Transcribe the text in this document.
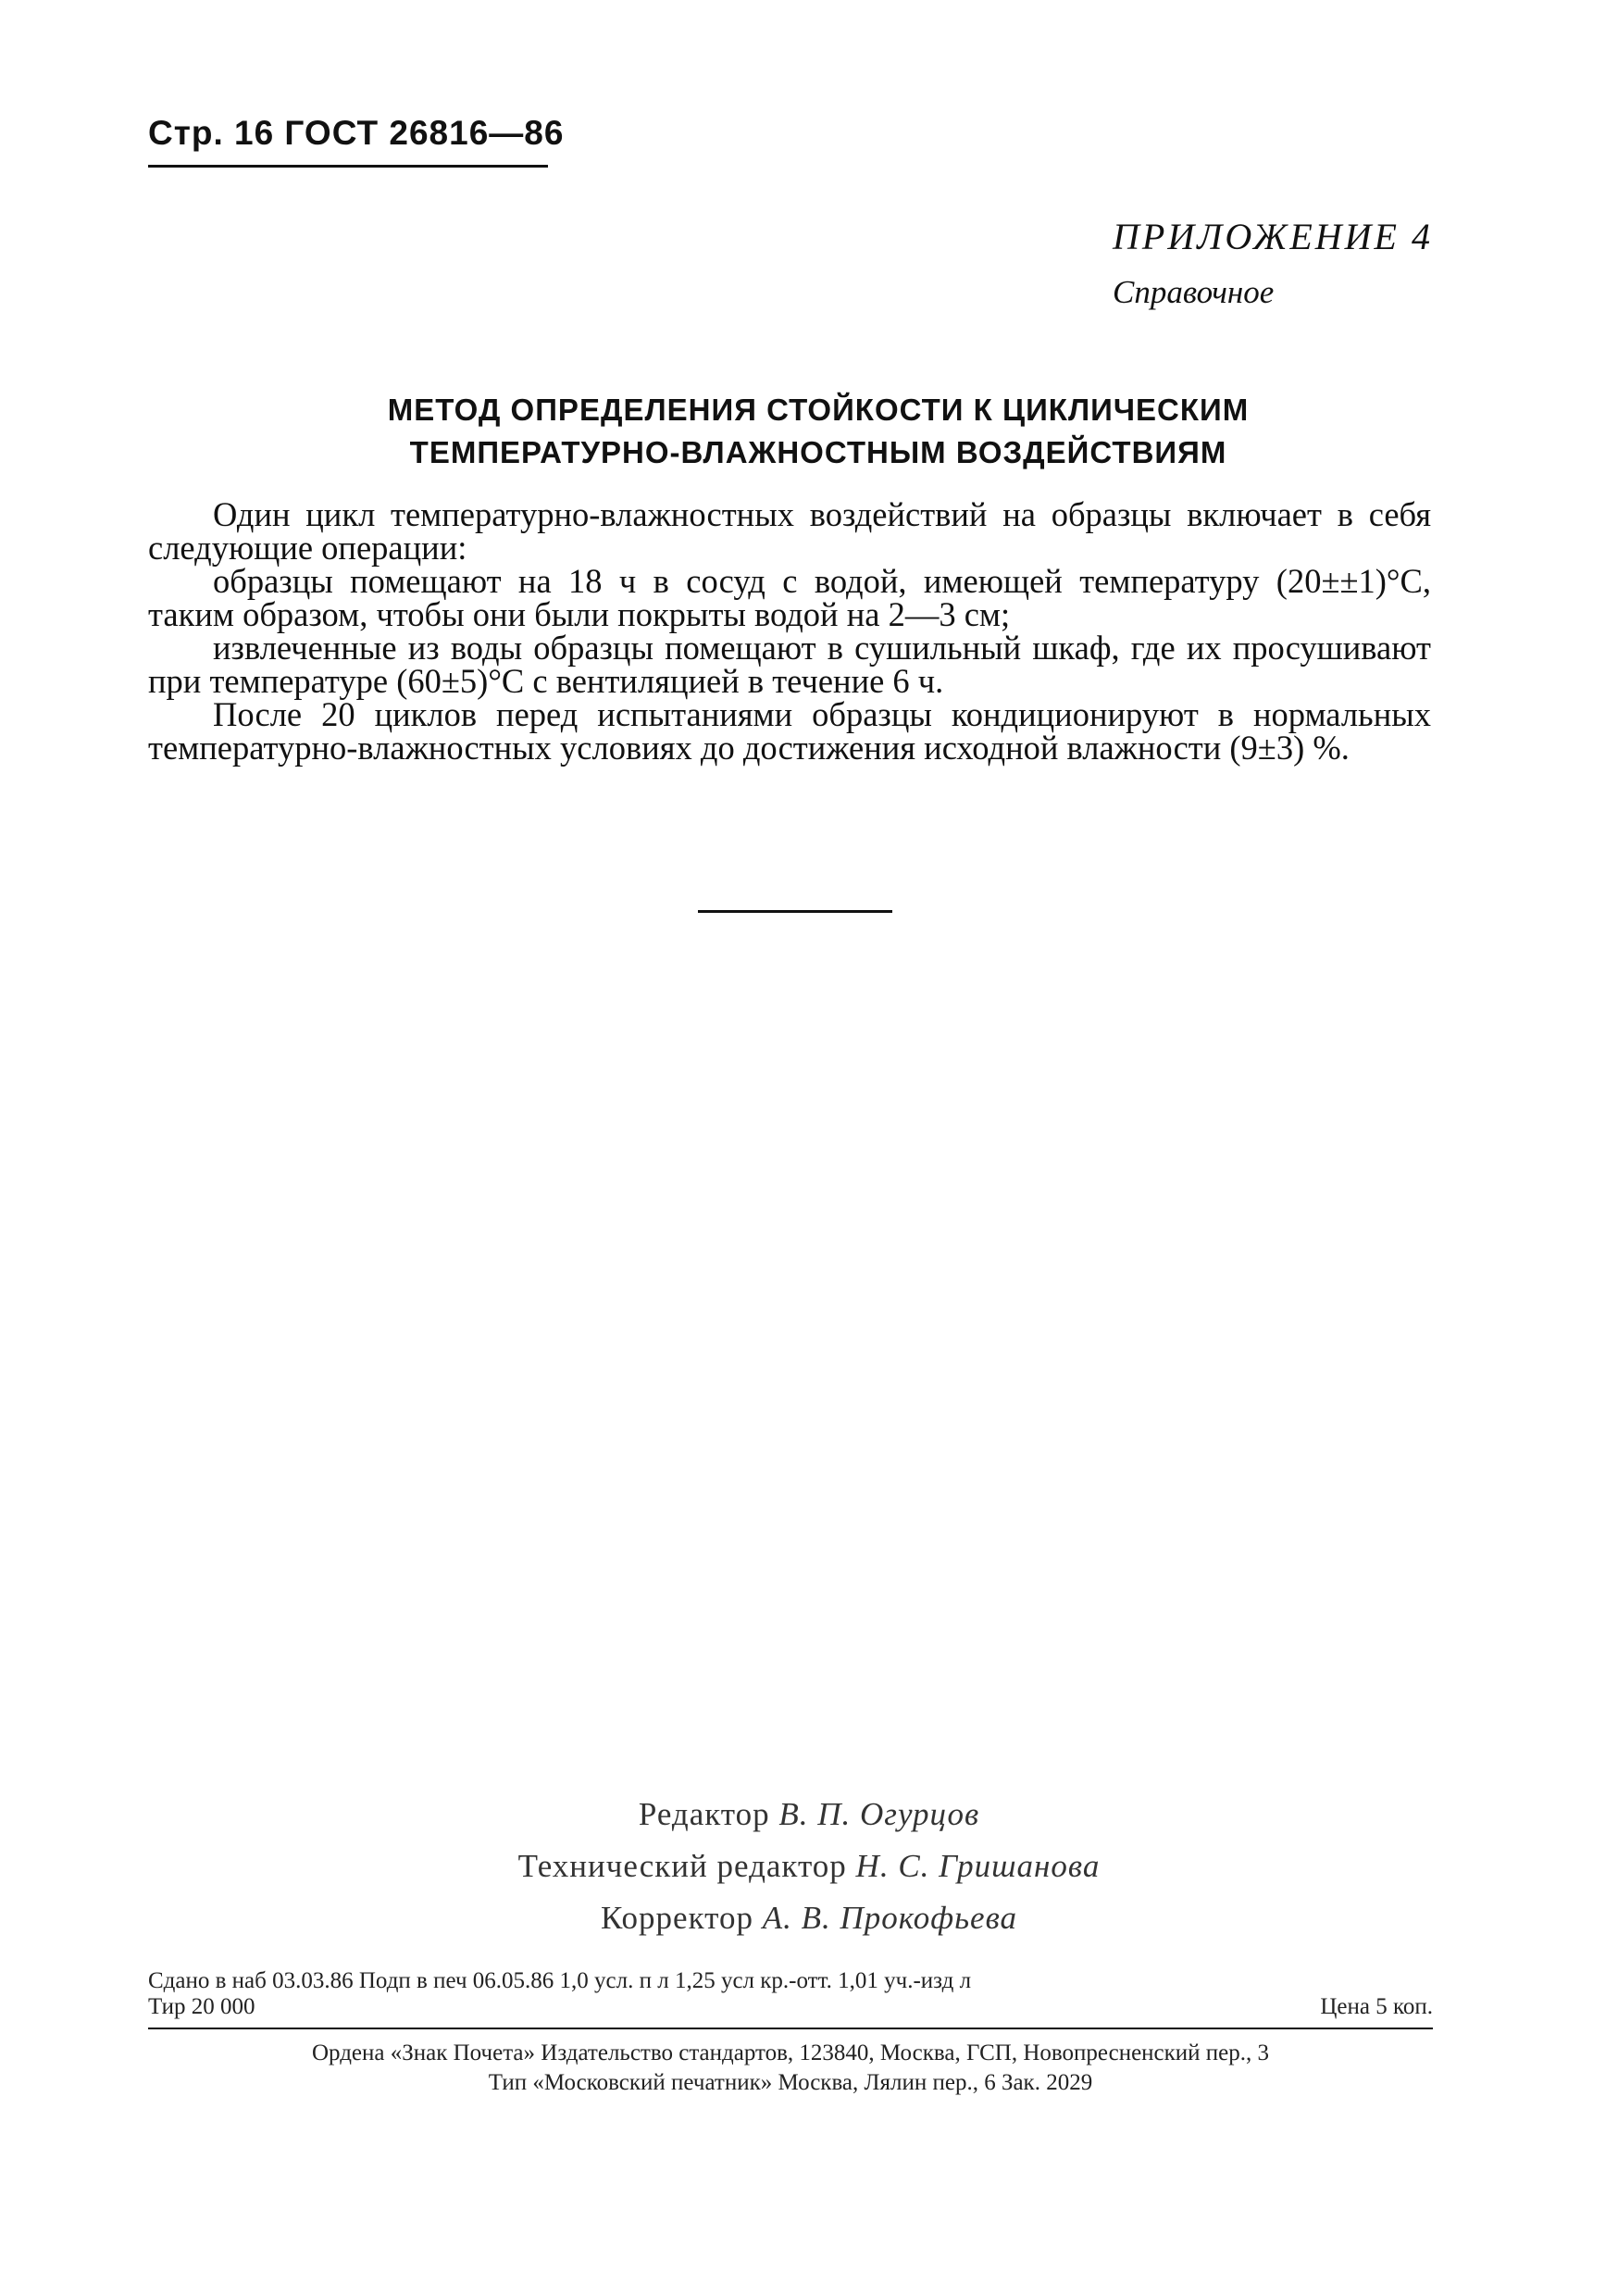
Стр. 16 ГОСТ 26816—86
ПРИЛОЖЕНИЕ 4
Справочное
МЕТОД ОПРЕДЕЛЕНИЯ СТОЙКОСТИ К ЦИКЛИЧЕСКИМ
ТЕМПЕРАТУРНО-ВЛАЖНОСТНЫМ ВОЗДЕЙСТВИЯМ

Один цикл температурно-влажностных воздействий на образцы включает в себя следующие операции:

образцы помещают на 18 ч в сосуд с водой, имеющей температуру (20±±1)°С, таким образом, чтобы они были покрыты водой на 2—3 см;

извлеченные из воды образцы помещают в сушильный шкаф, где их просушивают при температуре (60±5)°С с вентиляцией в течение 6 ч.

После 20 циклов перед испытаниями образцы кондиционируют в нормальных температурно-влажностных условиях до достижения исходной влажности (9±3) %.

Редактор В. П. Огурцов
Технический редактор Н. С. Гришанова
Корректор А. В. Прокофьева
Сдано в наб 03.03.86 Подп в печ 06.05.86 1,0 усл. п л 1,25 усл кр.-отт. 1,01 уч.-изд л
Тир 20 000	Цена 5 коп.
Ордена «Знак Почета» Издательство стандартов, 123840, Москва, ГСП, Новопресненский пер., 3
Тип «Московский печатник» Москва, Лялин пер., 6 Зак. 2029
